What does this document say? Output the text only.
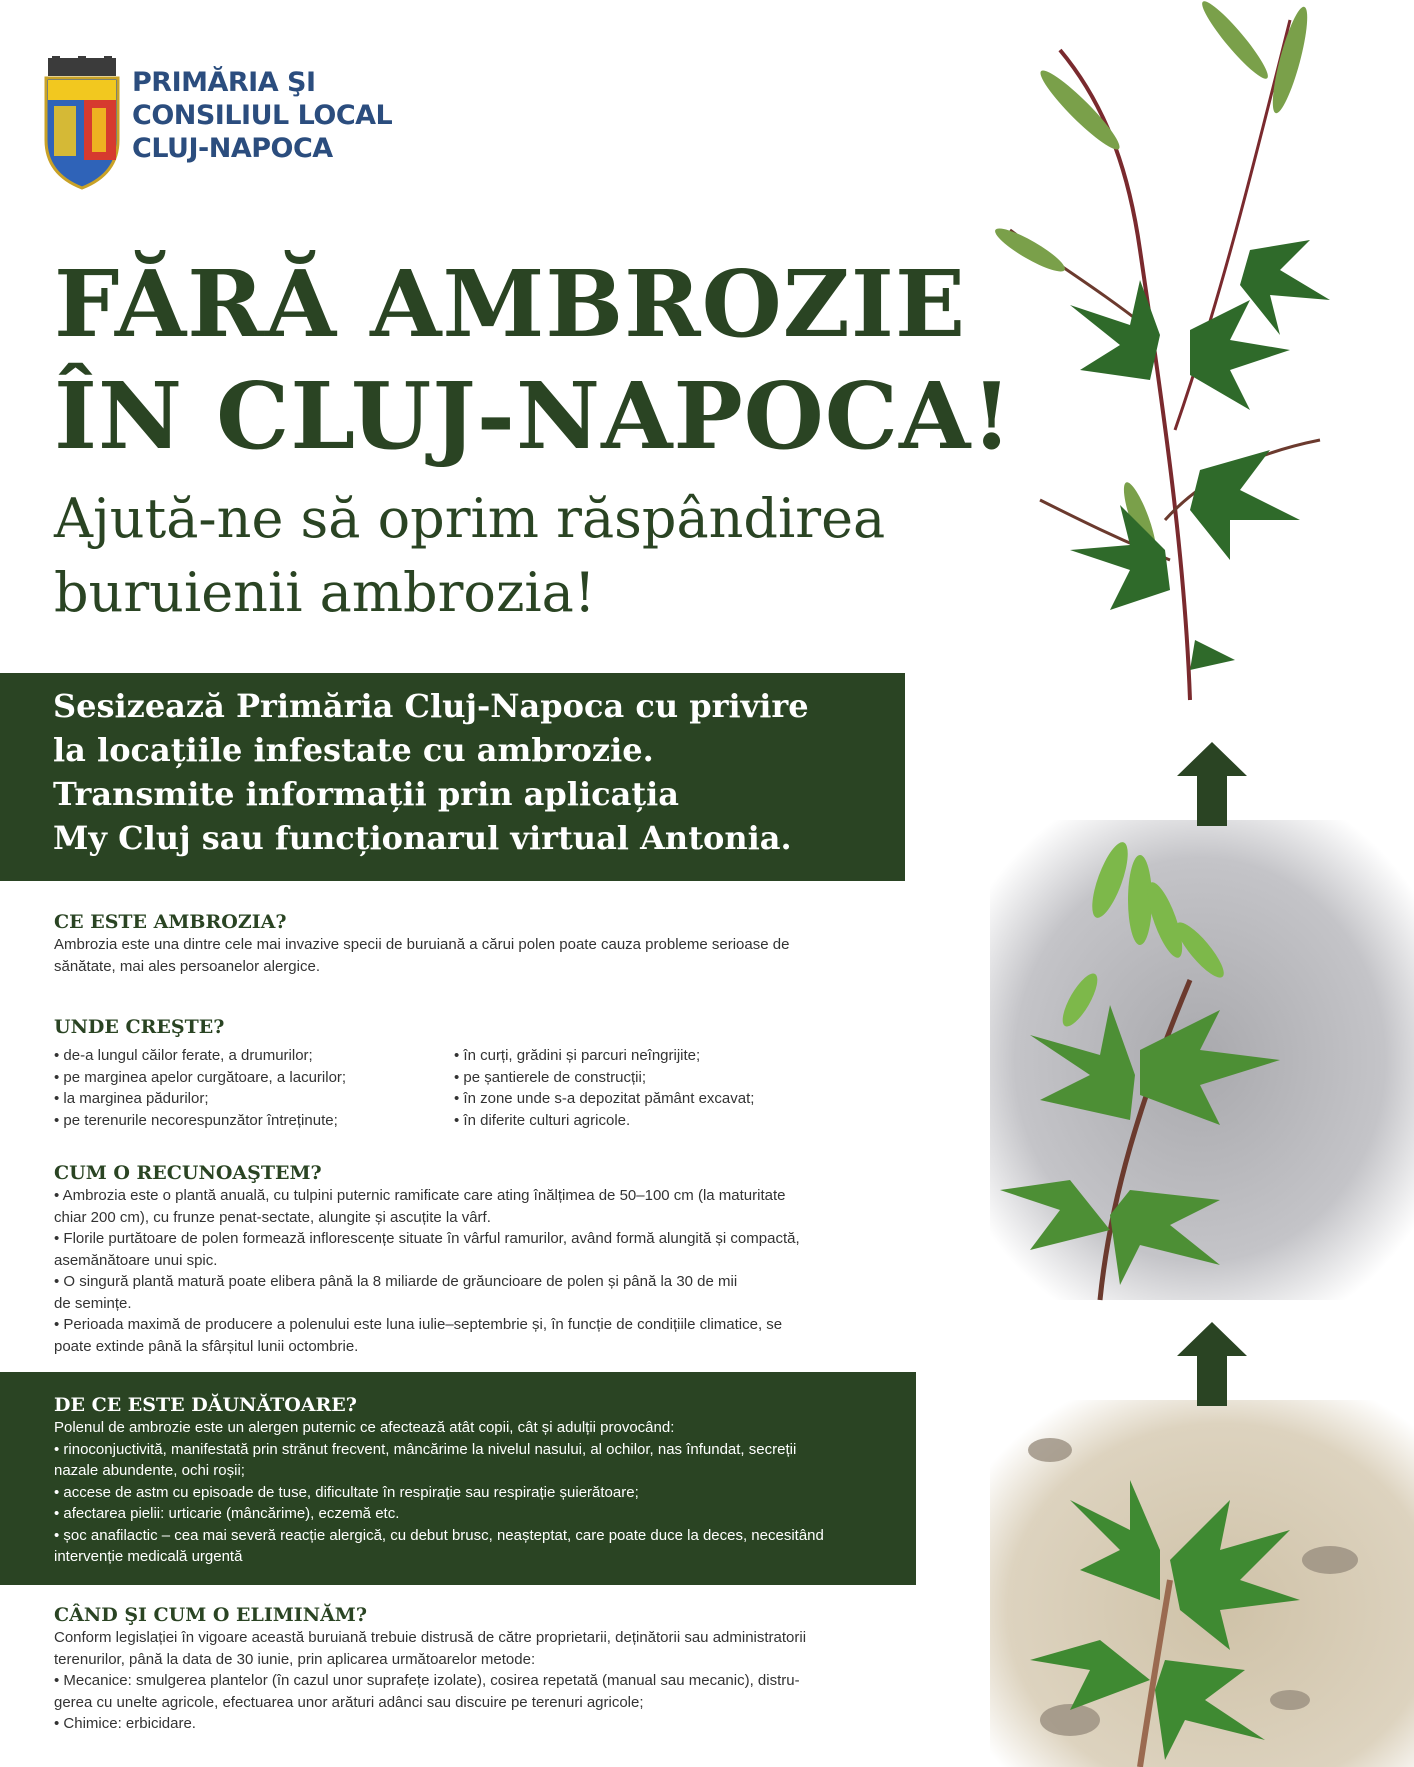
PRIMĂRIA ŞI
CONSILIUL LOCAL
CLUJ-NAPOCA
FĂRĂ AMBROZIE
ÎN CLUJ-NAPOCA!
Ajută-ne să oprim răspândirea
buruienii ambrozia!
Sesizează Primăria Cluj-Napoca cu privire
la locațiile infestate cu ambrozie.
Transmite informații prin aplicația
My Cluj sau funcționarul virtual Antonia.
CE ESTE AMBROZIA?
Ambrozia este una dintre cele mai invazive specii de buruiană a cărui polen poate cauza probleme serioase de
sănătate, mai ales persoanelor alergice.
UNDE CREŞTE?
• de-a lungul căilor ferate, a drumurilor;
• pe marginea apelor curgătoare, a lacurilor;
• la marginea pădurilor;
• pe terenurile necorespunzător întreținute;
• în curți, grădini și parcuri neîngrijite;
• pe șantierele de construcții;
• în zone unde s-a depozitat pământ excavat;
• în diferite culturi agricole.
CUM O RECUNOAŞTEM?
• Ambrozia este o plantă anuală, cu tulpini puternic ramificate care ating înălțimea de 50–100 cm (la maturitate
chiar 200 cm), cu frunze penat-sectate, alungite și ascuțite la vârf.
• Florile purtătoare de polen formează inflorescențe situate în vârful ramurilor, având formă alungită și compactă,
asemănătoare unui spic.
• O singură plantă matură poate elibera până la 8 miliarde de grăuncioare de polen și până la 30 de mii
de semințe.
• Perioada maximă de producere a polenului este luna iulie–septembrie și, în funcție de condițiile climatice, se
poate extinde până la sfârșitul lunii octombrie.
DE CE ESTE DĂUNĂTOARE?
Polenul de ambrozie este un alergen puternic ce afectează atât copii, cât și adulții provocând:
• rinoconjuctivită, manifestată prin strănut frecvent, mâncărime la nivelul nasului, al ochilor, nas înfundat, secreții
nazale abundente, ochi roșii;
• accese de astm cu episoade de tuse, dificultate în respirație sau respirație șuierătoare;
• afectarea pielii: urticarie (mâncărime), eczemă etc.
• șoc anafilactic – cea mai severă reacție alergică, cu debut brusc, neașteptat, care poate duce la deces, necesitând
intervenție medicală urgentă
CÂND ŞI CUM O ELIMINĂM?
Conform legislației în vigoare această buruiană trebuie distrusă de către proprietarii, deținătorii sau administratorii
terenurilor, până la data de 30 iunie, prin aplicarea următoarelor metode:
• Mecanice: smulgerea plantelor (în cazul unor suprafețe izolate), cosirea repetată (manual sau mecanic), distru-
gerea cu unelte agricole, efectuarea unor arături adânci sau discuire pe terenuri agricole;
• Chimice: erbicidare.
